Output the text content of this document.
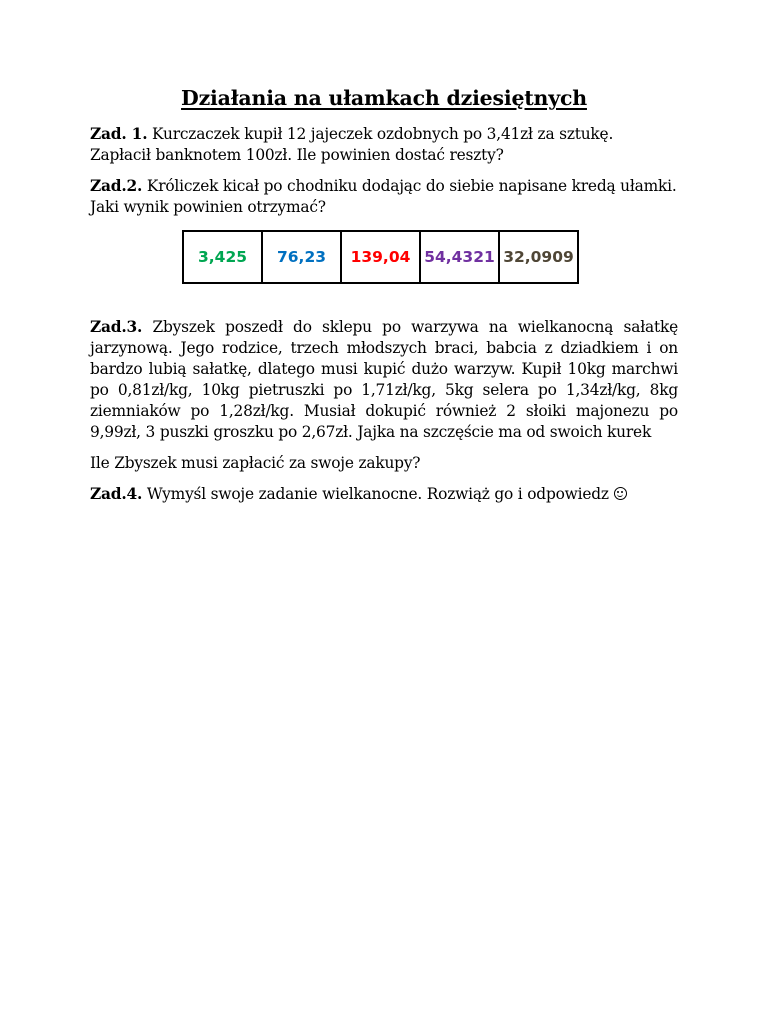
Działania na ułamkach dziesiętnych

Zad. 1. Kurczaczek kupił 12 jajeczek ozdobnych po 3,41zł za sztukę. Zapłacił banknotem 100zł. Ile powinien dostać reszty?

Zad.2. Króliczek kicał po chodniku dodając do siebie napisane kredą ułamki. Jaki wynik powinien otrzymać?

3,425	76,23	139,04	54,4321	32,0909

Zad.3. Zbyszek poszedł do sklepu po warzywa na wielkanocną sałatkę jarzynową. Jego rodzice, trzech młodszych braci, babcia z dziadkiem i on bardzo lubią sałatkę, dlatego musi kupić dużo warzyw. Kupił 10kg marchwi po 0,81zł/kg, 10kg pietruszki po 1,71zł/kg, 5kg selera po 1,34zł/kg, 8kg ziemniaków po 1,28zł/kg. Musiał dokupić również 2 słoiki majonezu po 9,99zł, 3 puszki groszku po 2,67zł. Jajka na szczęście ma od swoich kurek

Ile Zbyszek musi zapłacić za swoje zakupy?

Zad.4. Wymyśl swoje zadanie wielkanocne. Rozwiąż go i odpowiedz
